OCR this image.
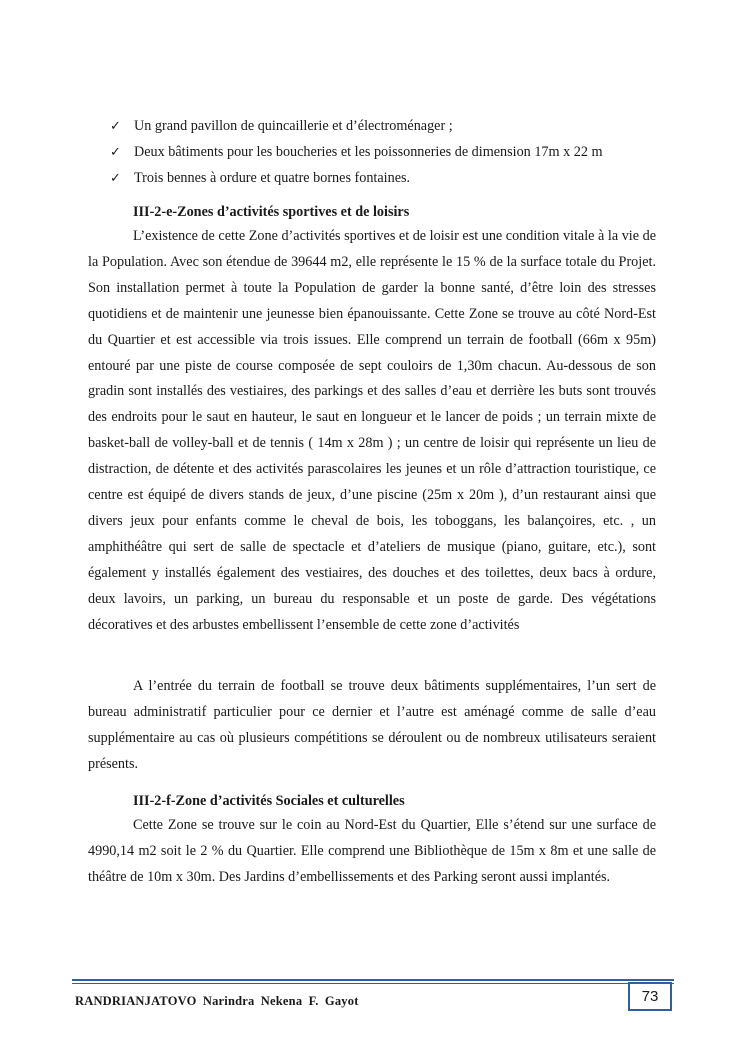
✓ Un grand pavillon de quincaillerie et d’électroménager ;
✓ Deux bâtiments pour les boucheries et les poissonneries de dimension 17m x 22 m
✓ Trois bennes à ordure et quatre bornes fontaines.
III-2-e-Zones d’activités sportives et de loisirs

L’existence de cette Zone d’activités sportives et de loisir est une condition vitale à la vie de la Population. Avec son étendue de 39644 m2, elle représente le 15 % de la surface totale du Projet. Son installation permet à toute la Population de garder la bonne santé, d’être loin des stresses quotidiens et de maintenir une jeunesse bien épanouissante. Cette Zone se trouve au côté Nord-Est du Quartier et est accessible via trois issues. Elle comprend un terrain de football (66m x 95m) entouré par une piste de course composée de sept couloirs de 1,30m chacun. Au-dessous de son gradin sont installés des vestiaires, des parkings et des salles d’eau et derrière les buts sont trouvés des endroits pour le saut en hauteur, le saut en longueur et le lancer de poids ; un terrain mixte de basket-ball de volley-ball et de tennis ( 14m x 28m ) ; un centre de loisir qui représente un lieu de distraction, de détente et des activités parascolaires les jeunes et un rôle d’attraction touristique, ce centre est équipé de divers stands de jeux, d’une piscine (25m x 20m ), d’un restaurant ainsi que divers jeux pour enfants comme le cheval de bois, les toboggans, les balançoires, etc. , un amphithéâtre qui sert de salle de spectacle et d’ateliers de musique (piano, guitare, etc.), sont également y installés également des vestiaires, des douches et des toilettes, deux bacs à ordure, deux lavoirs, un parking, un bureau du responsable et un poste de garde. Des végétations décoratives et des arbustes embellissent l’ensemble de cette zone d’activités

A l’entrée du terrain de football se trouve deux bâtiments supplémentaires, l’un sert de bureau administratif particulier pour ce dernier et l’autre est aménagé comme de salle d’eau supplémentaire au cas où plusieurs compétitions se déroulent ou de nombreux utilisateurs seraient présents.

III-2-f-Zone d’activités Sociales et culturelles

Cette Zone se trouve sur le coin au Nord-Est du Quartier, Elle s’étend sur une surface de 4990,14 m2 soit le 2 % du Quartier. Elle comprend une Bibliothèque de 15m x 8m et une salle de théâtre de 10m x 30m. Des Jardins d’embellissements et des Parking seront aussi implantés.

RANDRIANJATOVO Narindra Nekena F. Gayot	73
